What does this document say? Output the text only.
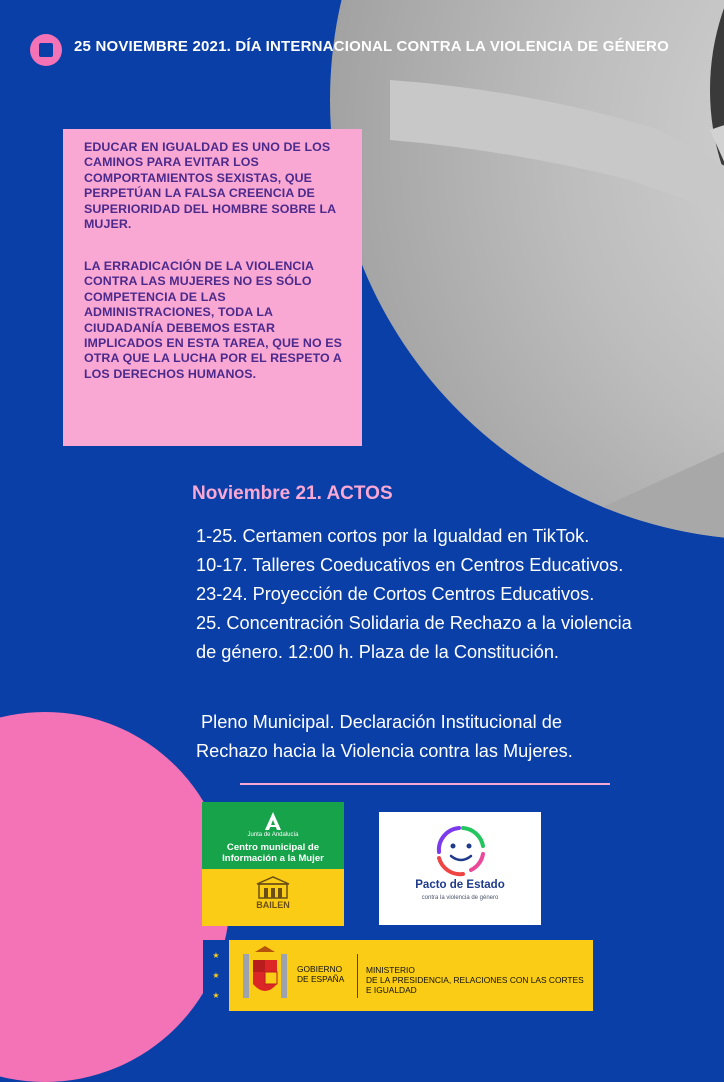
25 NOVIEMBRE 2021. DÍA INTERNACIONAL CONTRA LA VIOLENCIA DE GÉNERO

EDUCAR EN IGUALDAD ES UNO DE LOS CAMINOS PARA EVITAR LOS COMPORTAMIENTOS SEXISTAS, QUE PERPETÚAN LA FALSA CREENCIA DE SUPERIORIDAD DEL HOMBRE SOBRE LA MUJER.

LA ERRADICACIÓN DE LA VIOLENCIA CONTRA LAS MUJERES NO ES SÓLO COMPETENCIA DE LAS ADMINISTRACIONES, TODA LA CIUDADANÍA DEBEMOS ESTAR IMPLICADOS EN ESTA TAREA, QUE NO ES OTRA QUE LA LUCHA POR EL RESPETO A LOS DERECHOS HUMANOS.

Noviembre 21. ACTOS
1-25. Certamen cortos por la Igualdad en TikTok.
10-17. Talleres Coeducativos en Centros Educativos.
23-24. Proyección de Cortos Centros Educativos.
25. Concentración Solidaria de Rechazo a la violencia
de género. 12:00 h. Plaza de la Constitución.
Pleno Municipal. Declaración Institucional de
Rechazo hacia la Violencia contra las Mujeres.
Junta de Andalucía
Centro municipal de
Información a la Mujer
BAILEN
Pacto de Estado
contra la violencia de género
★
★
★
GOBIERNO
DE ESPAÑA
MINISTERIO
DE LA PRESIDENCIA, RELACIONES CON LAS CORTES
E IGUALDAD
